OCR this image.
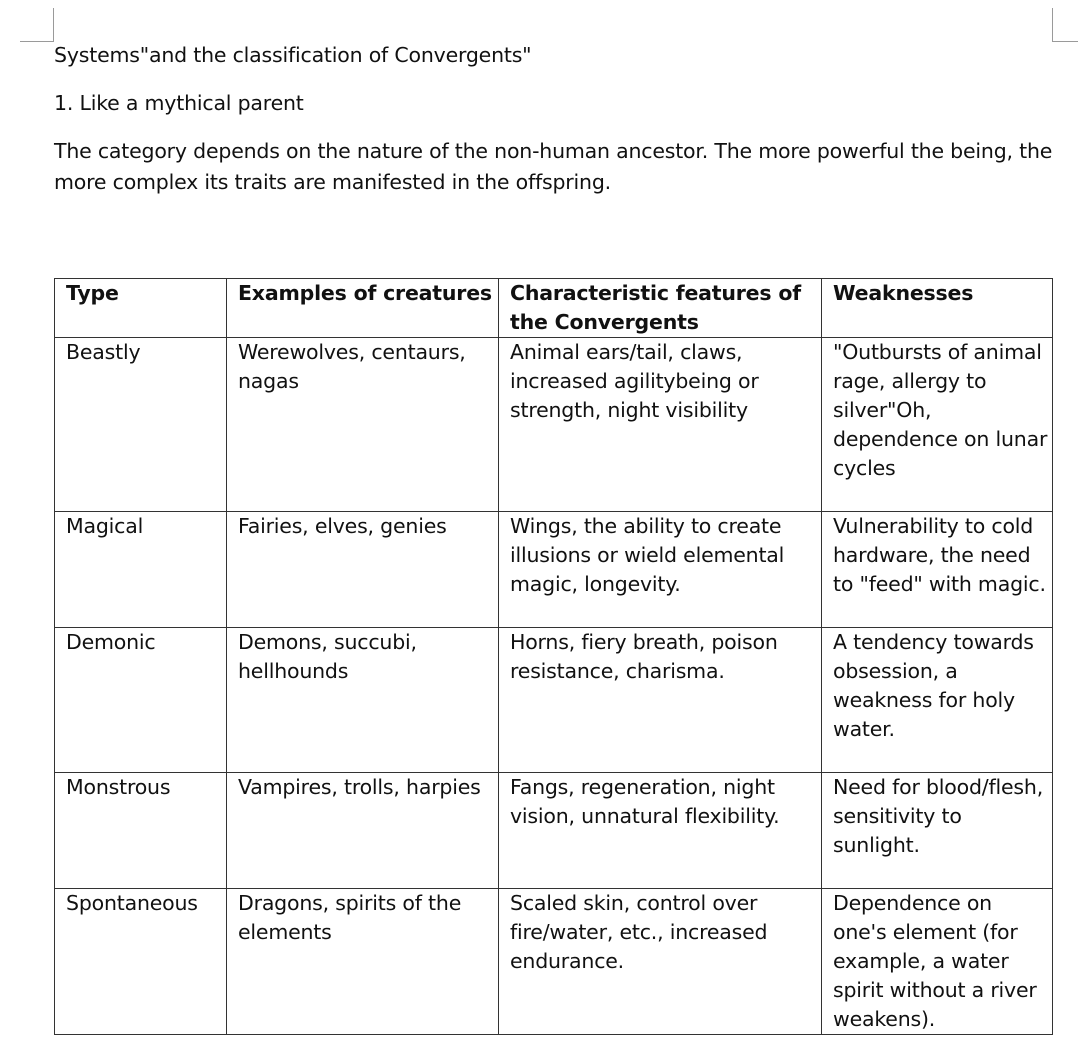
Systems"and the classification of Convergents"

1. Like a mythical parent

The category depends on the nature of the non-human ancestor. The more powerful the being, the more complex its traits are manifested in the offspring.

Type	Examples of creatures	Characteristic features of the Convergents	Weaknesses
Beastly	Werewolves, centaurs, nagas	Animal ears/tail, claws, increased agilitybeing or strength, night visibility	"Outbursts of animal rage, allergy to silver"Oh, dependence on lunar cycles
Magical	Fairies, elves, genies	Wings, the ability to create illusions or wield elemental magic, longevity.	Vulnerability to cold hardware, the need to "feed" with magic.
Demonic	Demons, succubi, hellhounds	Horns, fiery breath, poison resistance, charisma.	A tendency towards obsession, a weakness for holy water.
Monstrous	Vampires, trolls, harpies	Fangs, regeneration, night vision, unnatural flexibility.	Need for blood/flesh, sensitivity to sunlight.
Spontaneous	Dragons, spirits of the elements	Scaled skin, control over fire/water, etc., increased endurance.	Dependence on one's element (for example, a water spirit without a river weakens).
